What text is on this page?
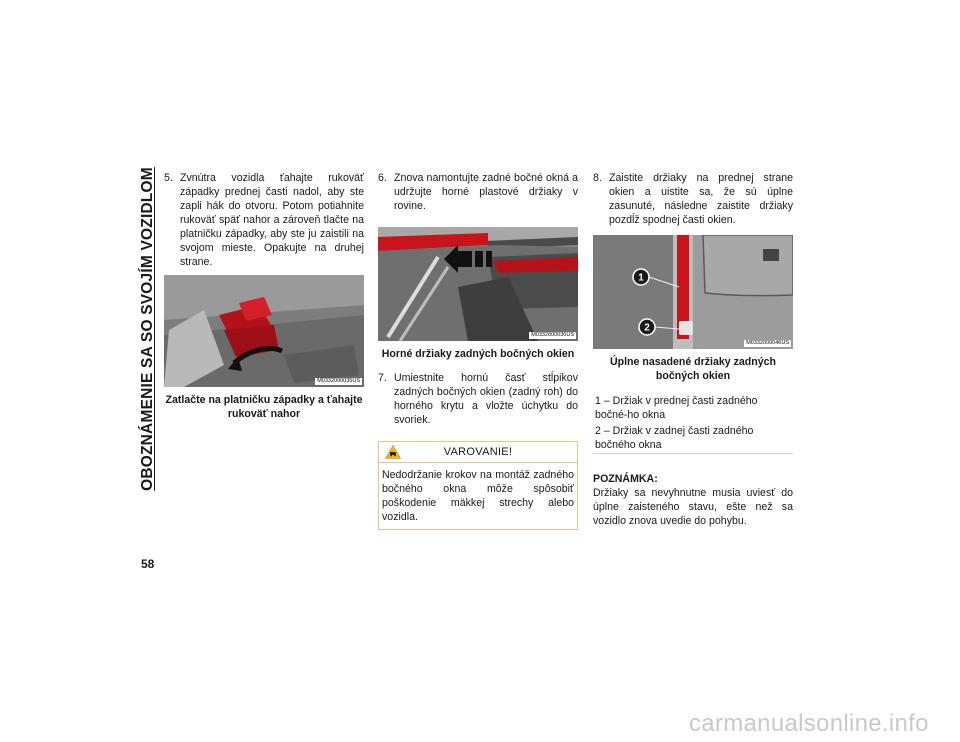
OBOZNÁMENIE SA SO SVOJÍM VOZIDLOM
58
5. Zvnútra vozidla ťahajte rukoväť západky prednej časti nadol, aby ste zapli hák do otvoru. Potom potiahnite rukoväť späť nahor a zároveň tlačte na platničku západky, aby ste ju zaistili na svojom mieste. Opakujte na druhej strane.
M0332000035US
Zatlačte na platničku západky a ťahajte rukoväť nahor
6. Znova namontujte zadné bočné okná a udržujte horné plastové držiaky v rovine.
M0332000036US
Horné držiaky zadných bočných okien
7. Umiestnite hornú časť stĺpikov zadných bočných okien (zadný roh) do horného krytu a vložte úchytku do svoriek.
VAROVANIE!
Nedodržanie krokov na montáž zadného bočného okna môže spôsobiť poškodenie mäkkej strechy alebo vozidla.
8. Zaistite držiaky na prednej strane okien a uistite sa, že sú úplne zasunuté, následne zaistite držiaky pozdĺž spodnej časti okien.
1
2
M0332000046US
Úplne nasadené držiaky zadných bočných okien
1 – Držiak v prednej časti zadného bočné-ho okna
2 – Držiak v zadnej časti zadného bočného okna
POZNÁMKA:
Držiaky sa nevyhnutne musia uviesť do úplne zaisteného stavu, ešte než sa vozidlo znova uvedie do pohybu.
carmanualsonline.info
